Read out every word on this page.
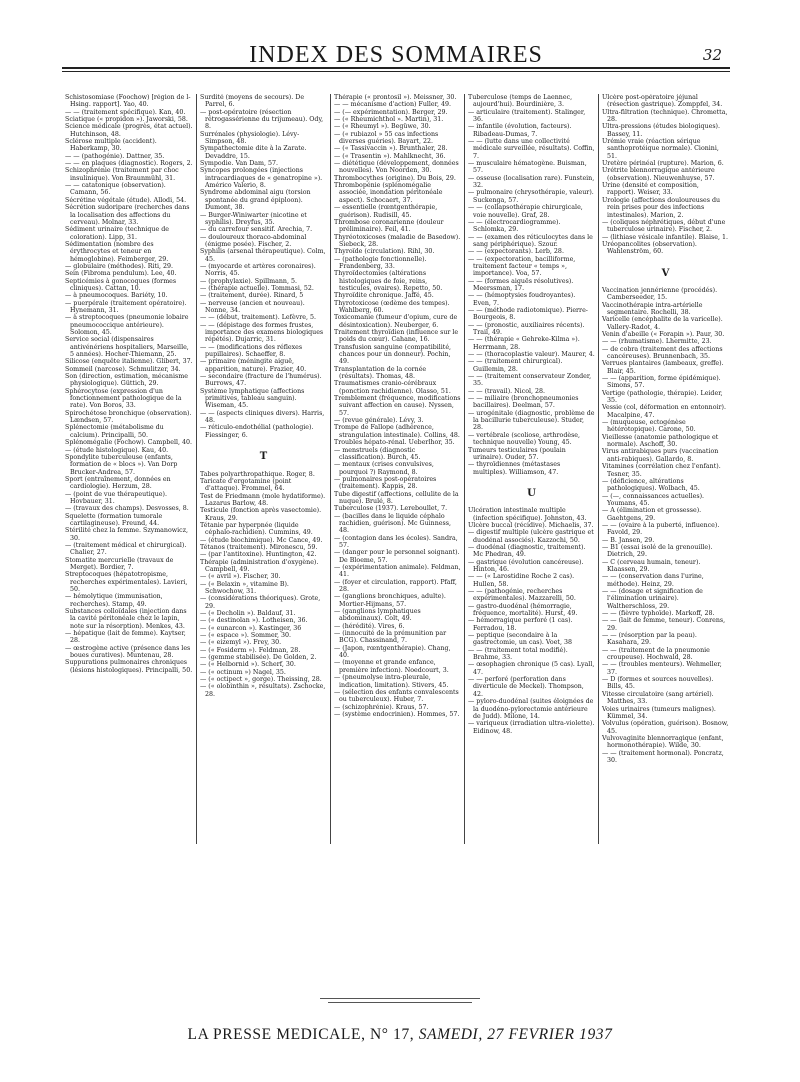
INDEX DES SOMMAIRES	32

Schistosomiase (Foochow) [région de l-Hsing. rapport]. Yao, 40.

— — (traitement spécifique). Kan, 40.

Sciatique (« propidon »). Jaworski, 58.

Science médicale (progrès, état actuel). Hutchinson, 48.

Sclérose multiple (accident). Haberkamp, 30.

— — (pathogénie). Dattner, 35.

— — en plaques (diagnostic). Rogers, 2.

Schizophrénie (traitement par choc insulinique). Von Braunmühl, 31.

— — catatonique (observation). Camann, 56.

Sécrétine végétale (étude). Allodi, 54.

Sécrétion sudoripare (recherches dans la localisation des affections du cerveau). Molnar, 33.

Sédiment urinaire (technique de coloration). Lipp, 31.

Sédimentation (nombre des érythrocytes et teneur en hémoglobine). Feimberger, 29.

— globulaire (méthodes). Riti, 29.

Sein (Fibroma pendulum). Lee, 40.

Septicémies à gonocoques (formes cliniques). Cattan, 10.

— à pneumocoques. Bariéty, 10.

— puerpérale (traitement opératoire). Hynemann, 31.

— à streptocoques (pneumonie lobaire pneumococcique antérieure). Solomon, 45.

Service social (dispensaires antivénériens hospitaliers, Marseille, 5 années). Hocher-Thiemann, 25.

Silicose (enquête italienne). Glibert, 37.

Sommeil (narcose). Schmulitzer, 34.

Son (direction, estimation, mécanisme physiologique). Güttich, 29.

Sphérocytose (expression d'un fonctionnement pathologique de la rate). Von Boros, 33.

Spirochétose bronchique (observation). Lændsen, 57.

Splénectomie (métabolisme du calcium). Principalli, 50.

Splénomégalie (Fochow). Campbell, 40.

— (étude histologique). Kau, 40.

Spondylite tuberculeuse (enfants, formation de « blocs »). Van Dorp Brucker-Andrea, 57.

Sport (entraînement, données en cardiologie). Herzum, 28.

— (point de vue thérapeutique). Hovbauer, 31.

— (travaux des champs). Desvosses, 8.

Squelette (formation tumorale cartilagineuse). Freund, 44.

Stérilité chez la femme. Szymanowicz, 30.

— (traitement médical et chirurgical). Chalier, 27.

Stomatite mercurielle (travaux de Merget). Bordier, 7.

Streptocoques (hépatotropisme, recherches expérimentales). Lavieri, 50.

— hémolytique (immunisation, recherches). Stamp, 49.

Substances colloïdales (injection dans la cavité péritonéale chez le lapin, note sur la résorption). Menkes, 43.

— hépatique (lait de femme). Kaytser, 28.

— œstrogène active (présence dans les boues curatives). Muntenau, 28.

Suppurations pulmonaires chroniques (lésions histologiques). Principalli, 50.

Surdité (moyens de secours). De Parrel, 6.

— post-opératoire (résection rétrogassérienne du trijumeau). Ody, 8.

Surrénales (physiologie). Lévy-Simpson, 48.

Sympathectomie dite à la Zarate. Devaddre, 15.

Sympodie. Van Dam, 57.

Syncopes prolongées (injections intracardiaques de « genatropine »). Américo Valerio, 8.

Syndrome abdominal aigu (torsion spontanée du grand épiploon). Dumont, 38.

— Burger-Winiwarter (nicotine et syphilis). Dreyfus, 35.

— du carrefour sensitif. Arechia, 7.

— douloureux thoraco-abdominal (énigme posée). Fischer, 2.

Syphilis (arsenal thérapeutique). Colm, 45.

— (myocarde et artères coronaires). Norris, 45.

— (prophylaxie). Spillmann, 5.

— (thérapie actuelle). Tommasi, 52.

— (traitement, durée). Rinard, 5

— nerveuse (ancien et nouveau). Nonne, 34.

— — (début, traitement). Lefèvre, 5.

— — (dépistage des formes frustes, importance des examens biologiques répétés). Dujarric, 31.

— — (modifications des réflexes pupillaires). Schaeffer, 8.

— primaire (méningite aiguë, apparition, nature). Frazier, 40.

— secondaire (fracture de l'humérus). Burrows, 47.

Système lymphatique (affections primitives, tableau sanguin). Wiseman, 45.

— — (aspects cliniques divers). Harris, 48.

— réticulo-endothélial (pathologie). Fiessinger, 6.

T

Tabes polyarthropathique. Roger, 8.

Taricate d'ergotamine (point d'attaque). Frommel, 64.

Test de Friedmann (mole hydatiforme). Lazarus Barlow, 48.

Testicule (fonction après vasectomie). Kraus, 29.

Tétanie par hyperpnée (liquide céphalo-rachidien). Cummins, 49.

— (étude biochimique). Mc Cance, 49.

Tétanos (traitement). Mironescu, 59.

— (par l'antitoxine). Huntington, 42.

Thérapie (administration d'oxygène). Campbell, 49.

— (« avril »). Fischer, 30.

— (« Belaxin », vitamine B). Schwochow, 31.

— (considérations théoriques). Grote, 29.

— (« Decholin »). Baldauf, 31.

— (« destinolan »). Lotheisen, 36.

— (« eunarcon »). Kastinger, 36

— (« espace »). Sommer, 30.

— (« eizemyl »). Frey, 30.

— (« Fosiderm »). Feldman, 28.

— (gemme stabilisée). De Golden, 2.

— (« Helbornid »). Scherf, 30.

— (« octinum ») Nagel, 35.

— (« octipect », gorge). Theissing, 28.

— (« olobinthin », résultats). Zschocke, 28.

Thérapie (« prontosil »). Meissner, 30.

— — mécanisme d'action) Fuller, 49.

— (— expérimentation). Berger, 29.

— (« Rheumichthol ». Martin), 31.

— (« Rheumyl »). Begüwe, 30.

— (« rubiazol » 55 cas infections diverses guéries). Bayart, 22.

— (« Tassivaccin »). Brunthaler, 28.

— (« Trasentin »). Mahlknecht, 36.

— diététique (développement, données nouvelles). Von Noorden, 30.

Thrombocythes (origine). Du Bois, 29.

Thrombopénie (splénomégalie associée, inondation péritonéale aspect). Schocaert, 37.

— essentielle (rœntgenthérapie, guérison). Rudisill, 45.

Thrombose coronarienne (douleur préliminaire). Feil, 41.

Thyréotoxicoses (maladie de Basedow). Siebeck, 28.

Thyroïde (circulation). Rihl, 30.

— (pathologie fonctionnelle). Frandenberg, 33.

Thyroïdectomies (altérations histologiques de foie, reins, testicules, ovaires). Repetto, 50.

Thyroïdite chronique. Jaffé, 45.

Thyrotoxicose (œdème des tempes). Wahlberg, 60.

Toxicomanie (fumeur d'opium, cure de désintoxication). Neuberger, 6.

Traitement thyroïdien (influence sur le poids du cœur). Cahane, 16.

Transfusion sanguine (compatibilité, chances pour un donneur). Pochin, 49.

Transplantation de la cornée (résultats). Thomas, 48.

Traumatismes cranio-cérébraux (ponction rachidienne). Olasso, 51.

Tremblement (fréquence, modifications suivant affection en cause). Nyssen, 57.

— (revue générale). Lévy, 3.

Trompe de Fallope (adhérence, strangulation intestinale). Collins, 48.

Troubles hépato-rénal. Ueberlhor, 35.

— menstruels (diagnostic classification). Burch, 45.

— mentaux (crises convulsives, pourquoi ?) Raymond, 8.

— pulmonaires post-opératoires (traitement). Kappis, 28.

Tube digestif (affections, cellulite de la nuque). Brulé, 8.

Tuberculose (1937). Lereboullet, 7.

— (bacilles dans le liquide céphalo rachidien, guérison). Mc Guinness, 48.

— (contagion dans les écoles). Sandra, 57.

— (danger pour le personnel soignant). De Bloeme, 57.

— (expérimentation animale). Feldman, 41.

— (foyer et circulation, rapport). Pfaff, 28.

— (ganglions bronchiques, adulte). Mortier-Hijmans, 57.

— (ganglions lymphatiques abdominaux). Colt, 49.

— (hérédité). Vires, 6.

— (innocuité de la prémunition par BCG). Chassinand, 7.

— (Japon, rœntgenthérapie). Chang, 40.

— (moyenne et grande enfance, première infection). Noedcourt, 3.

— (pneumolyse intra-pleurale, indication, limitation). Stivers, 45.

— (sélection des enfants convalescents ou tuberculeux). Huber, 7.

— (schizophrénie). Kraus, 57.

— (système endocrinien). Hommes, 57.

Tuberculose (temps de Laennec, aujourd'hui). Bourdinière, 3.

— articulaire (traitement). Stalinger, 36.

— infantile (évolution, facteurs). Ribadeau-Dumas, 7.

— — (lutte dans une collectivité médicale surveillée, résultats). Coffin, 7.

— musculaire hématogène. Buisman, 57.

— osseuse (localisation rare). Funstein, 32.

— pulmonaire (chrysothérapie, valeur). Suckenga, 57.

— — (collapsothérapie chirurgicale, voie nouvelle). Graf, 28.

— — (électrocardiogramme). Schlomka, 29.

— — (examen des réticulocytes dans le sang périphérique). Szour.

— — (expectorants). Lerb, 28.

— — (expectoration, bacilliforme, traitement facteur « temps », importance). Voa, 57.

— — (formes aiguës résolutives). Meerssman, 17.

— — (hémoptysies foudroyantes). Even, 7.

— — (méthode radiotomique). Pierre-Bourgeois, 8.

— — (pronostic, auxiliaires récents). Trail, 49.

— — (thérapie « Gehreke-Kilma »). Herrmann, 28.

— — (thoracoplastie valeur). Maurer, 4.

— — (traitement chirurgical). Guillemin, 28.

— — (traitement conservateur Zonder, 35.

— — (travail). Nicol, 28.

— — miliaire (bronchopneumonies bacillaires). Deelman, 57.

— urogénitale (diagnostic, problème de la bacillurie tuberculeuse). Studer, 28.

— vertébrale (scoliose, arthrodèse, technique nouvelle) Young, 45.

Tumeurs testiculaires (poulain urinaire). Ouder, 57.

— thyroïdiennes (métastases multiples). Williamson, 47.

U

Ulcération intestinale multiple (infection spécifique). Johnston, 43.

Ulcère buccal (récidive). Michaelis, 37.

— digestif multiple (ulcère gastrique et duodénal associés). Kazzochi, 50.

— duodénal (diagnostic, traitement). Mc Phedran, 49.

— gastrique (évolution cancéreuse). Hinton, 46.

— — (« Larostidine Roche 2 cas). Hullen, 58.

— — (pathogénie, recherches expérimentales). Mazzarelli, 50.

— gastro-duodénal (hémorragie, fréquence, mortalité). Hurst, 49.

— hémorragique perforé (1 cas). Ferradou, 18.

— peptique (secondaire à la gastrectomie, un cas). Voet, 38

— — (traitement total modifié). Brahme, 33.

— œsophagien chronique (5 cas). Lyall, 47.

— — perforé (perforation dans diverticule de Meckel). Thompson, 42.

— pyloro-duodénal (suites éloignées de la duodéno-pylorectomie antérieure de Judd). Milone, 14.

— variqueux (irradiation ultra-violette). Eidinow, 48.

Ulcère post-opératoire jéjunal (résection gastrique). Zomppfel, 34.

Ultra-filtration (technique). Chrometta, 28.

Ultra-pressions (études biologiques). Bassey, 11.

Urémie vraie (réaction sérique santhoprotéique normale). Cionini, 51.

Uretère périnéal (rupture). Marion, 6.

Urétrite blennorragique antérieure (observation). Nieuwenhuyse, 57.

Urine (densité et composition, rapport). Weiser, 33.

Urologie (affections douloureuses du rein prises pour des infections intestinales). Marion, 2.

— (coliques néphrétiques, début d'une tuberculose urinaire). Fischer, 2.

— (lithiase vésicale infantile). Blaise, 1.

Uréopancolites (observation). Wahlenström, 60.

V

Vaccination jennérienne (procédés). Camberseeder, 15.

Vaccinothérapie intra-artérielle segmentaire. Rochelli, 38.

Varicelle (encéphalite de la varicelle). Vallery-Radot, 4.

Venin d'abeille (« Forapin »). Paur, 30.

— — (rhumatisme). Lhermitte, 23.

— de cobra (traitement des affections cancéreuses). Brunnenbach, 35.

Verrues plantaires (lambeaux, greffe). Blair, 45.

— — (apparition, forme épidémique). Simons, 57.

Vertige (pathologie, thérapie). Leider, 35.

Vessie (col, déformation en entonnoir). Macalpine, 47.

— (muqueuse, ectogénèse hétérotopique). Carone, 50.

Vieillesse (anatomie pathologique et normale). Aschoff, 30.

Virus antirabiques purs (vaccination anti-rabiques). Gallardo, 8.

Vitamines (corrélation chez l'enfant). Tesner, 35.

— (déficience, altérations pathologiques). Wolbach, 45.

— (—, connaissances actuelles). Youmans, 45.

— A (élimination et grossesse). Gaehtgens, 29.

— — (ovaire à la puberté, influence). Favold, 29.

— B. Jansen, 29.

— B1 (essai isolé de la grenouille). Dietrich, 29.

— C (cerveau humain, teneur). Klaassen, 29.

— — (conservation dans l'urine, méthode). Heinz, 29.

— — (dosage et signification de l'élimination urinaire). Waltherschloss, 29.

— — (fièvre typhoïde). Markoff, 28.

— — (lait de femme, teneur). Conrens, 29.

— — (résorption par la peau). Kasahara, 29.

— — (traitement de la pneumonie croupeuse). Hochwald, 28.

— — (troubles menteurs). Wehmeller, 37.

— D (formes et sources nouvelles). Bills, 45.

Vitesse circulatoire (sang artériel). Matthes, 33.

Voies urinaires (tumeurs malignes). Kümmel, 34.

Volvulus (opération, guérison). Bosnow, 45.

Vulvovaginite blennorragique (enfant, hormonothérapie). Wilde, 30.

— — (traitement hormonal). Poncratz, 30.

LA PRESSE MEDICALE, N° 17, SAMEDI, 27 FEVRIER 1937
